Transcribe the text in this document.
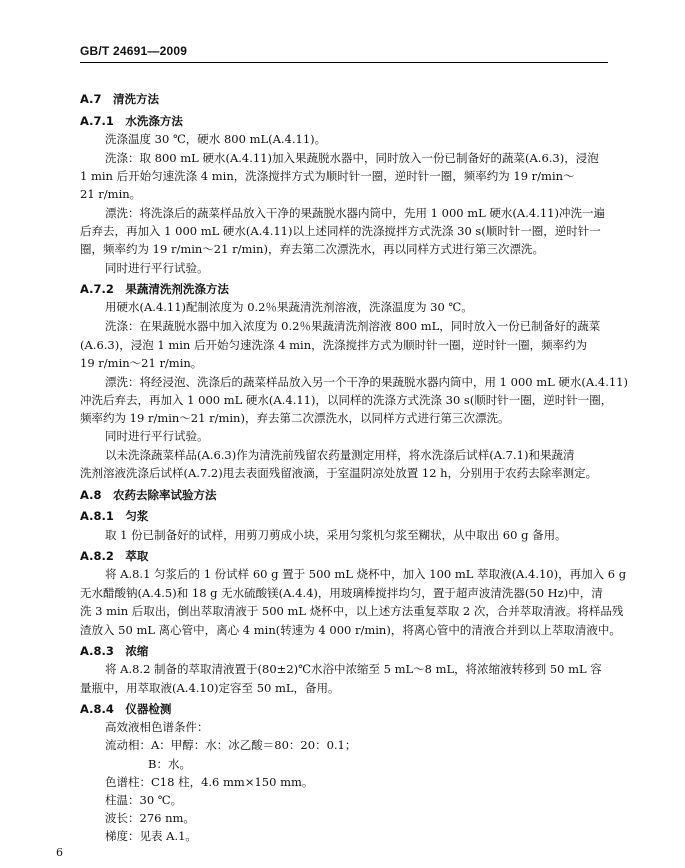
GB/T 24691—2009
A.7　清洗方法
A.7.1　水洗涤方法
洗涤温度 30 ℃，硬水 800 mL(A.4.11)。
洗涤：取 800 mL 硬水(A.4.11)加入果蔬脱水器中，同时放入一份已制备好的蔬菜(A.6.3)，浸泡
1 min 后开始匀速洗涤 4 min，洗涤搅拌方式为顺时针一圈，逆时针一圈，频率约为 19 r/min～
21 r/min。
漂洗：将洗涤后的蔬菜样品放入干净的果蔬脱水器内筒中，先用 1 000 mL 硬水(A.4.11)冲洗一遍
后弃去，再加入 1 000 mL 硬水(A.4.11)以上述同样的洗涤搅拌方式洗涤 30 s(顺时针一圈，逆时针一
圈，频率约为 19 r/min～21 r/min)，弃去第二次漂洗水，再以同样方式进行第三次漂洗。
同时进行平行试验。
A.7.2　果蔬清洗剂洗涤方法
用硬水(A.4.11)配制浓度为 0.2％果蔬清洗剂溶液，洗涤温度为 30 ℃。
洗涤：在果蔬脱水器中加入浓度为 0.2％果蔬清洗剂溶液 800 mL，同时放入一份已制备好的蔬菜
(A.6.3)，浸泡 1 min 后开始匀速洗涤 4 min，洗涤搅拌方式为顺时针一圈，逆时针一圈，频率约为
19 r/min～21 r/min。
漂洗：将经浸泡、洗涤后的蔬菜样品放入另一个干净的果蔬脱水器内筒中，用 1 000 mL 硬水(A.4.11)
冲洗后弃去，再加入 1 000 mL 硬水(A.4.11)，以同样的洗涤方式洗涤 30 s(顺时针一圈，逆时针一圈，
频率约为 19 r/min～21 r/min)，弃去第二次漂洗水，以同样方式进行第三次漂洗。
同时进行平行试验。
以未洗涤蔬菜样品(A.6.3)作为清洗前残留农药量测定用样，将水洗涤后试样(A.7.1)和果蔬清
洗剂溶液洗涤后试样(A.7.2)甩去表面残留液滴，于室温阴凉处放置 12 h，分别用于农药去除率测定。
A.8　农药去除率试验方法
A.8.1　匀浆
取 1 份已制备好的试样，用剪刀剪成小块，采用匀浆机匀浆至糊状，从中取出 60 g 备用。
A.8.2　萃取
将 A.8.1 匀浆后的 1 份试样 60 g 置于 500 mL 烧杯中，加入 100 mL 萃取液(A.4.10)，再加入 6 g
无水醋酸钠(A.4.5)和 18 g 无水硫酸镁(A.4.4)，用玻璃棒搅拌均匀，置于超声波清洗器(50 Hz)中，清
洗 3 min 后取出，倒出萃取清液于 500 mL 烧杯中，以上述方法重复萃取 2 次，合并萃取清液。将样品残
渣放入 50 mL 离心管中，离心 4 min(转速为 4 000 r/min)，将离心管中的清液合并到以上萃取清液中。
A.8.3　浓缩
将 A.8.2 制备的萃取清液置于(80±2)℃水浴中浓缩至 5 mL～8 mL，将浓缩液转移到 50 mL 容
量瓶中，用萃取液(A.4.10)定容至 50 mL，备用。
A.8.4　仪器检测
高效液相色谱条件：
流动相：A：甲醇：水：冰乙酸＝80：20：0.1；
B：水。
色谱柱：C18 柱，4.6 mm×150 mm。
柱温：30 ℃。
波长：276 nm。
梯度：见表 A.1。
6
